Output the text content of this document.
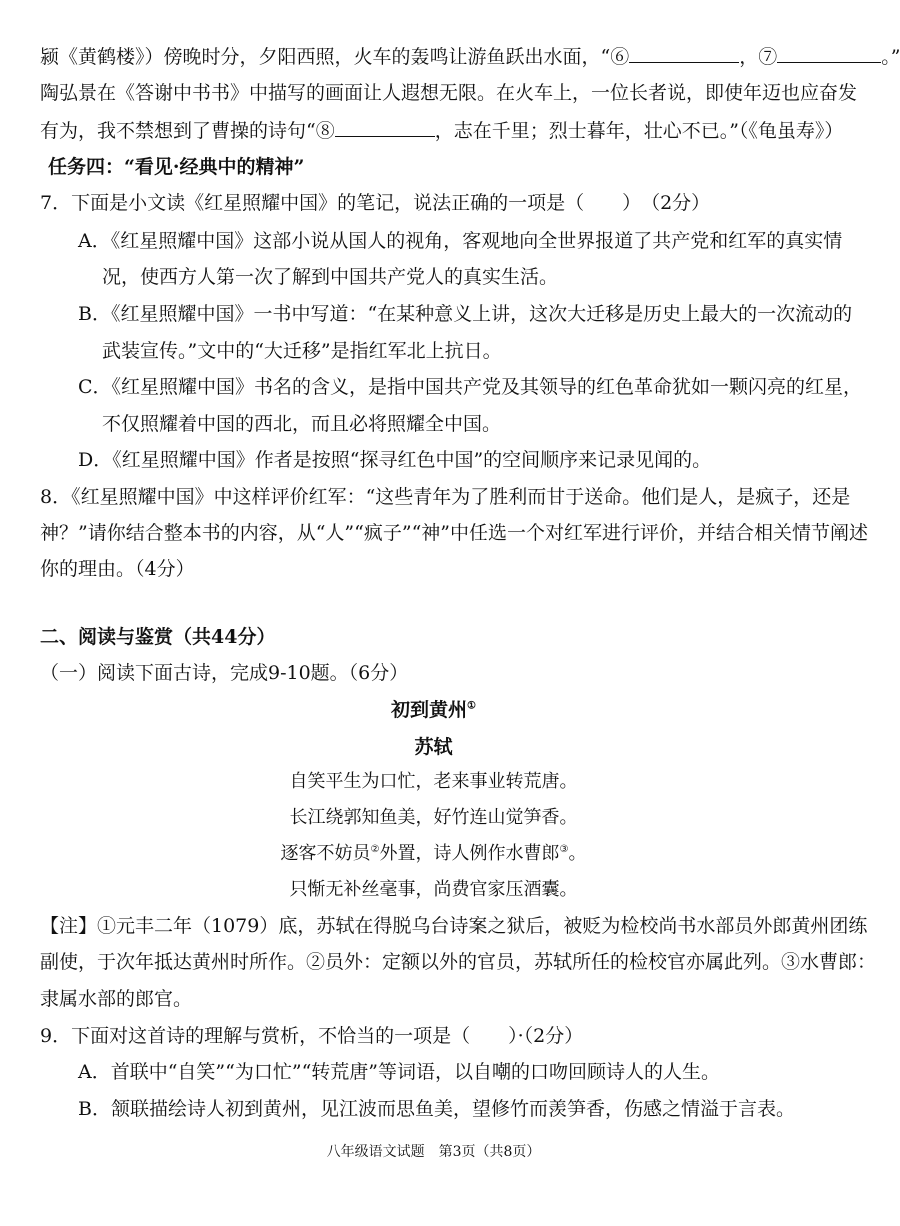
颍《黄鹤楼》）傍晚时分，夕阳西照，火车的轰鸣让游鱼跃出水面，“⑥	，⑦	。”
陶弘景在《答谢中书书》中描写的画面让人遐想无限。在火车上，一位长者说，即使年迈也应奋发
有为，我不禁想到了曹操的诗句“⑧	，志在千里；烈士暮年，壮心不已。”（《龟虽寿》）
任务四：“看见·经典中的精神”
7．下面是小文读《红星照耀中国》的笔记，说法正确的一项是（　　）　（2分）
A．《红星照耀中国》这部小说从国人的视角，客观地向全世界报道了共产党和红军的真实情
况，使西方人第一次了解到中国共产党人的真实生活。
B．《红星照耀中国》一书中写道：“在某种意义上讲，这次大迁移是历史上最大的一次流动的
武装宣传。”文中的“大迁移”是指红军北上抗日。
C．《红星照耀中国》书名的含义，是指中国共产党及其领导的红色革命犹如一颗闪亮的红星，
不仅照耀着中国的西北，而且必将照耀全中国。
D．《红星照耀中国》作者是按照“探寻红色中国”的空间顺序来记录见闻的。
8．《红星照耀中国》中这样评价红军：“这些青年为了胜利而甘于送命。他们是人，是疯子，还是
神？”请你结合整本书的内容，从“人”“疯子”“神”中任选一个对红军进行评价，并结合相关情节阐述
你的理由。（4分）
二、阅读与鉴赏（共44分）
（一）阅读下面古诗，完成9-10题。（6分）
初到黄州①
苏轼
自笑平生为口忙，老来事业转荒唐。
长江绕郭知鱼美，好竹连山觉笋香。
逐客不妨员②外置，诗人例作水曹郎③。
只惭无补丝毫事，尚费官家压酒囊。
【注】①元丰二年（1079）底，苏轼在得脱乌台诗案之狱后，被贬为检校尚书水部员外郎黄州团练
副使，于次年抵达黄州时所作。②员外：定额以外的官员，苏轼所任的检校官亦属此列。③水曹郎：
隶属水部的郎官。
9．下面对这首诗的理解与赏析，不恰当的一项是（　　）·（2分）
A．首联中“自笑”“为口忙”“转荒唐”等词语，以自嘲的口吻回顾诗人的人生。
B．颔联描绘诗人初到黄州，见江波而思鱼美，望修竹而羡笋香，伤感之情溢于言表。
八年级语文试题　第3页（共8页）
